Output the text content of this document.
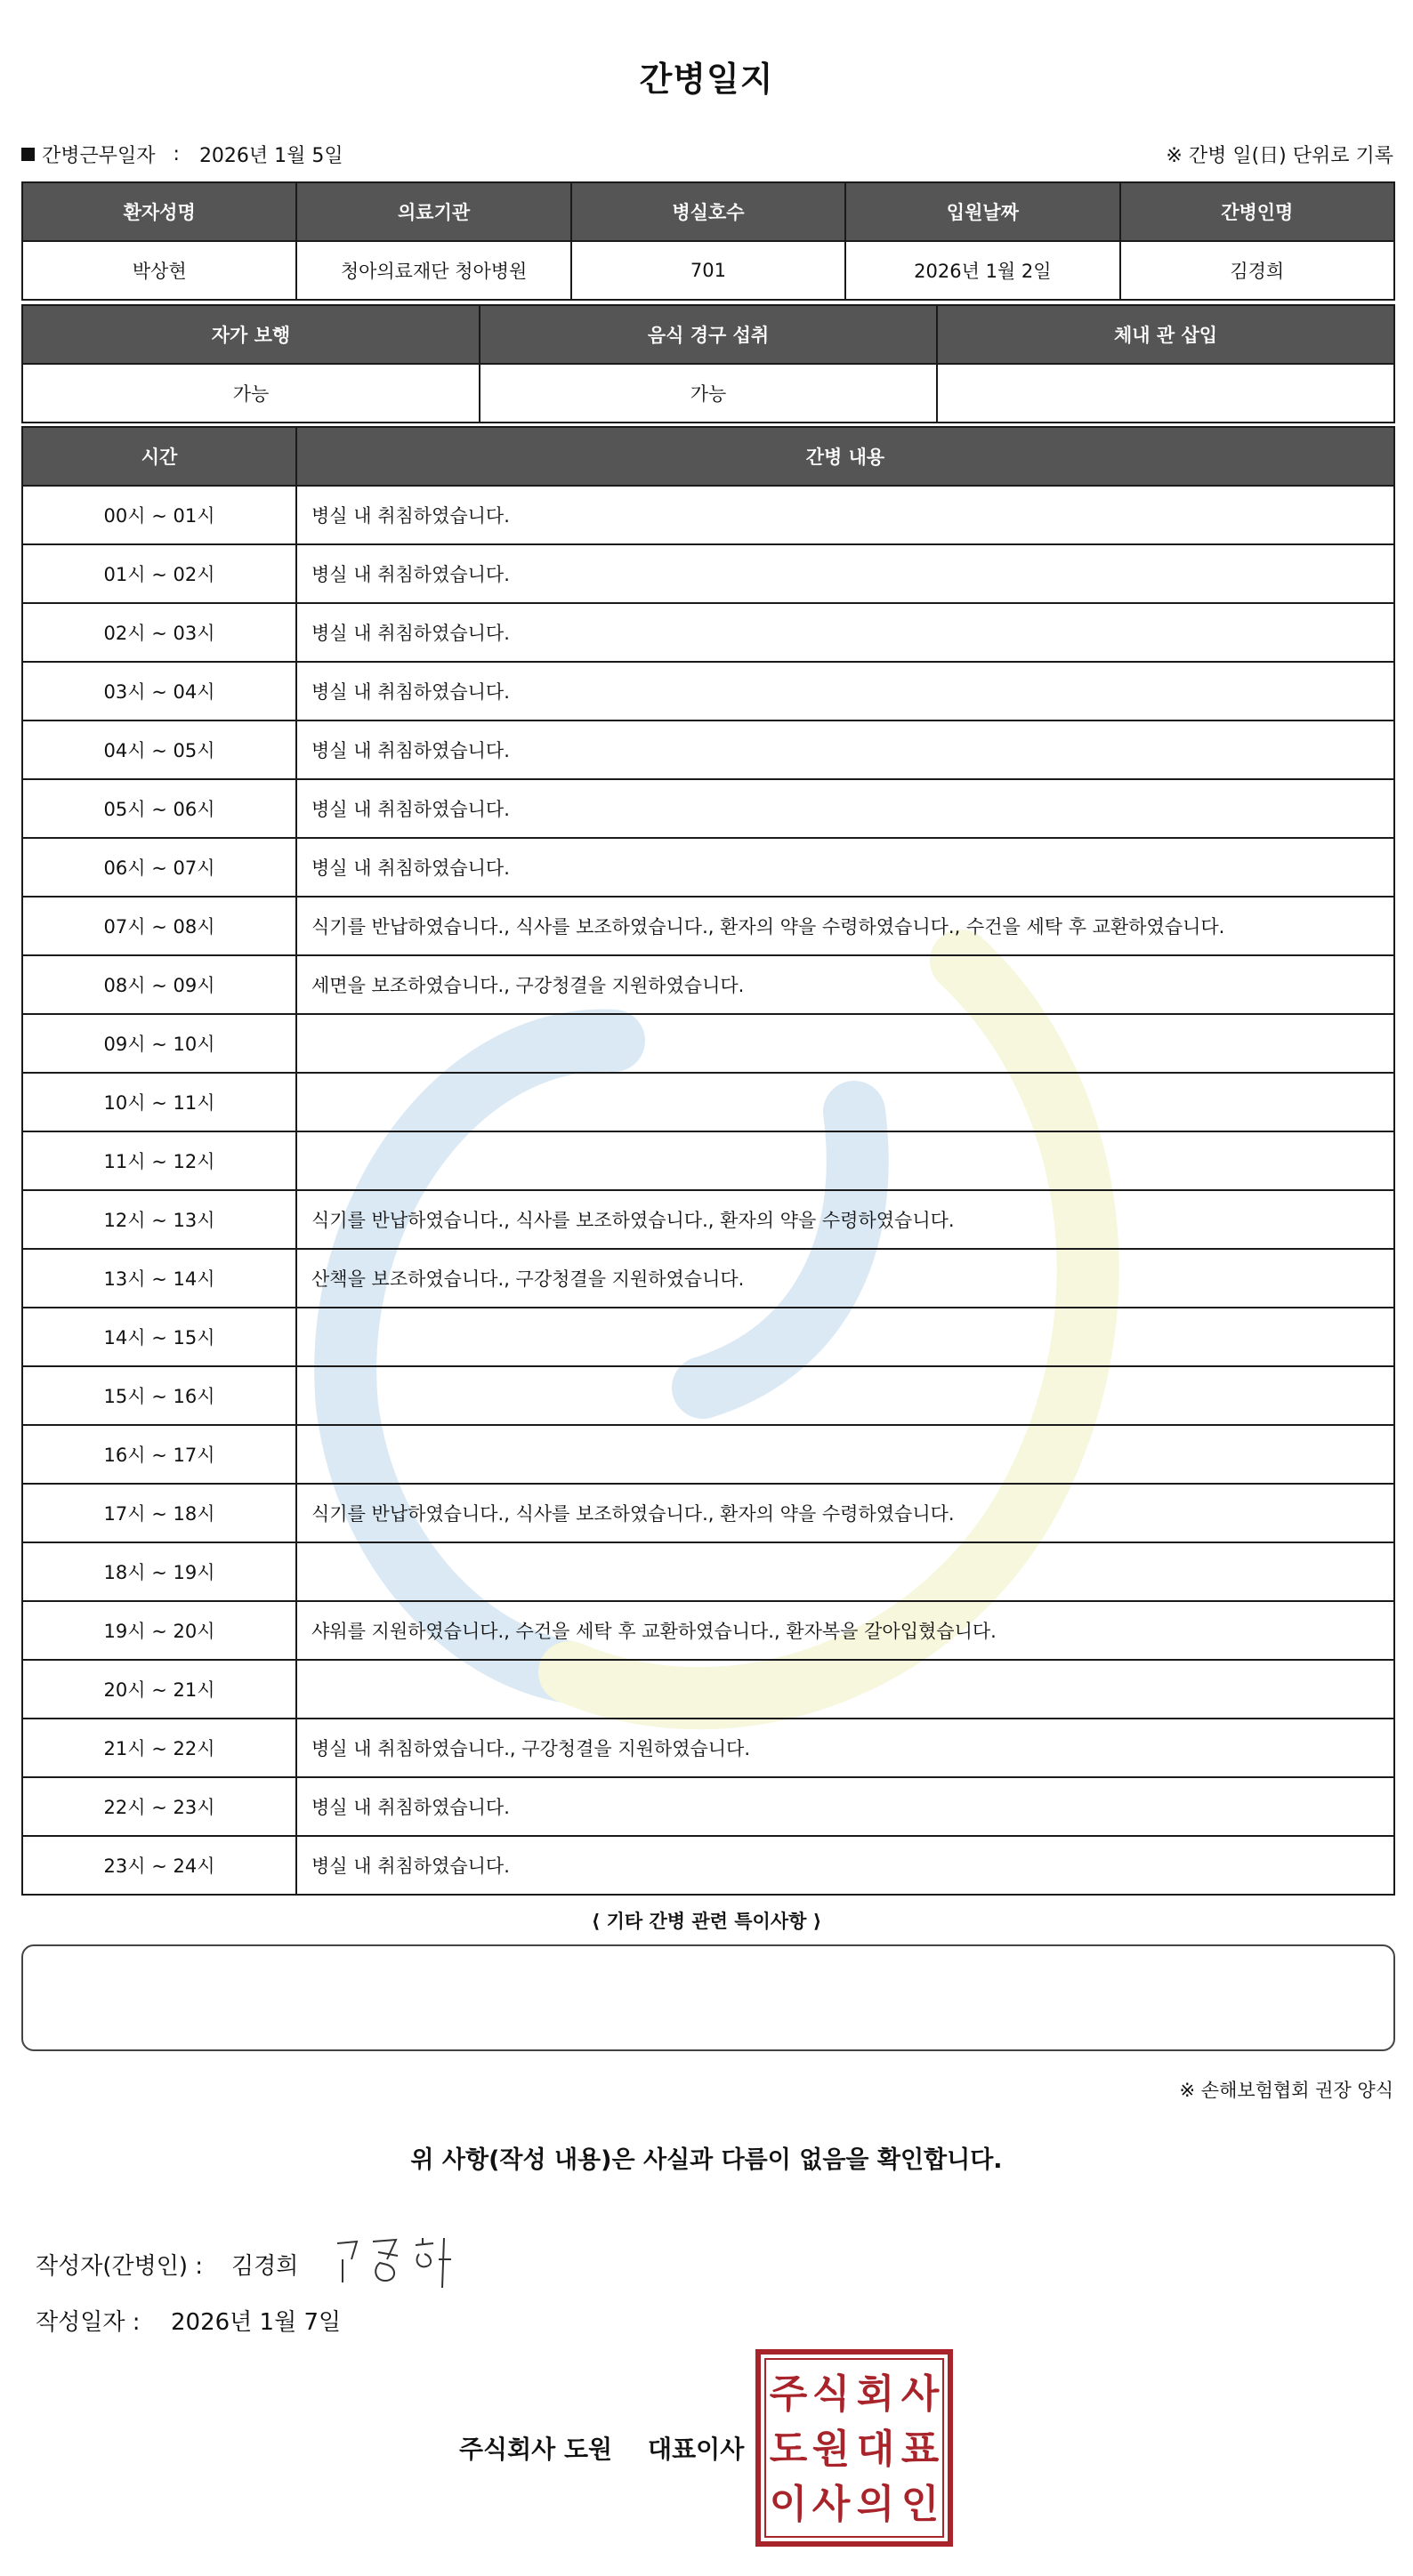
간병일지
간병근무일자 : 2026년 1월 5일	※ 간병 일(日) 단위로 기록
환자성명	의료기관	병실호수	입원날짜	간병인명
박상현	청아의료재단 청아병원	701	2026년 1월 2일	김경희
자가 보행	음식 경구 섭취	체내 관 삽입
가능	가능	
시간	간병 내용
00시 ~ 01시	병실 내 취침하였습니다.
01시 ~ 02시	병실 내 취침하였습니다.
02시 ~ 03시	병실 내 취침하였습니다.
03시 ~ 04시	병실 내 취침하였습니다.
04시 ~ 05시	병실 내 취침하였습니다.
05시 ~ 06시	병실 내 취침하였습니다.
06시 ~ 07시	병실 내 취침하였습니다.
07시 ~ 08시	식기를 반납하였습니다., 식사를 보조하였습니다., 환자의 약을 수령하였습니다., 수건을 세탁 후 교환하였습니다.
08시 ~ 09시	세면을 보조하였습니다., 구강청결을 지원하였습니다.
09시 ~ 10시	
10시 ~ 11시	
11시 ~ 12시	
12시 ~ 13시	식기를 반납하였습니다., 식사를 보조하였습니다., 환자의 약을 수령하였습니다.
13시 ~ 14시	산책을 보조하였습니다., 구강청결을 지원하였습니다.
14시 ~ 15시	
15시 ~ 16시	
16시 ~ 17시	
17시 ~ 18시	식기를 반납하였습니다., 식사를 보조하였습니다., 환자의 약을 수령하였습니다.
18시 ~ 19시	
19시 ~ 20시	샤워를 지원하였습니다., 수건을 세탁 후 교환하였습니다., 환자복을 갈아입혔습니다.
20시 ~ 21시	
21시 ~ 22시	병실 내 취침하였습니다., 구강청결을 지원하였습니다.
22시 ~ 23시	병실 내 취침하였습니다.
23시 ~ 24시	병실 내 취침하였습니다.
⟨ 기타 간병 관련 특이사항 ⟩
※ 손해보험협회 권장 양식
위 사항(작성 내용)은 사실과 다름이 없음을 확인합니다.
작성자(간병인) :	김경희
작성일자 :	2026년 1월 7일
주식회사 도원 대표이사
주 식 회 사
도 원 대 표
이 사 의 인
